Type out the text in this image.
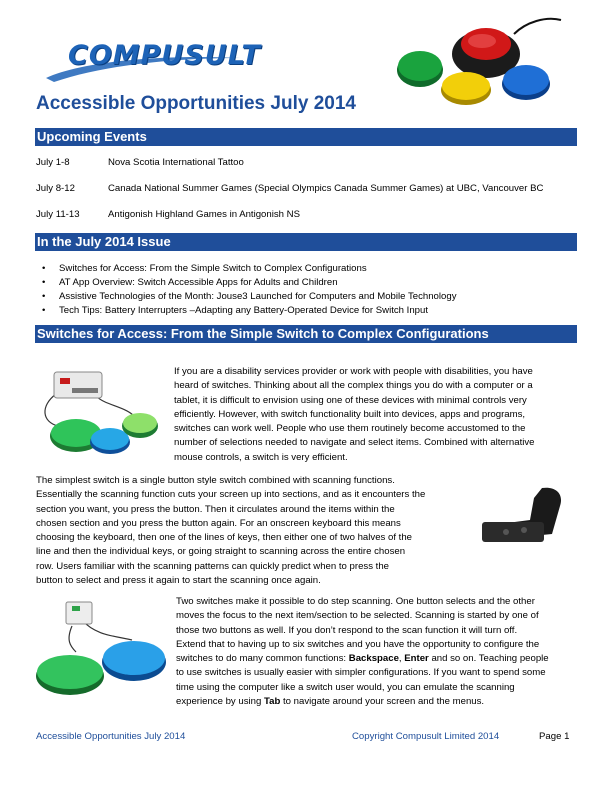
COMPUSULT
Accessible Opportunities July 2014
Upcoming Events
July 1-8	Nova Scotia International Tattoo
July 8-12	Canada National Summer Games (Special Olympics Canada Summer Games) at UBC, Vancouver BC
July 11-13	Antigonish Highland Games in Antigonish NS
In the July 2014 Issue
• Switches for Access: From the Simple Switch to Complex Configurations
• AT App Overview: Switch Accessible Apps for Adults and Children
• Assistive Technologies of the Month: Jouse3 Launched for Computers and Mobile Technology
• Tech Tips: Battery Interrupters –Adapting any Battery-Operated Device for Switch Input
Switches for Access: From the Simple Switch to Complex Configurations
If you are a disability services provider or work with people with disabilities, you have
heard of switches. Thinking about all the complex things you do with a computer or a
tablet, it is difficult to envision using one of these devices with minimal controls very
efficiently. However, with switch functionality built into devices, apps and programs,
switches can work well. People who use them routinely become accustomed to the
number of selections needed to navigate and select items. Combined with alternative
mouse controls, a switch is very efficient.
The simplest switch is a single button style switch combined with scanning functions.
Essentially the scanning function cuts your screen up into sections, and as it encounters the
section you want, you press the button. Then it circulates around the items within the
chosen section and you press the button again. For an onscreen keyboard this means
choosing the keyboard, then one of the lines of keys, then either one of two halves of the
line and then the individual keys, or going straight to scanning across the entire chosen
row. Users familiar with the scanning patterns can quickly predict when to press the
button to select and press it again to start the scanning once again.
Two switches make it possible to do step scanning. One button selects and the other
moves the focus to the next item/section to be selected. Scanning is started by one of
those two buttons as well. If you don’t respond to the scan function it will turn off.
Extend that to having up to six switches and you have the opportunity to configure the
switches to do many common functions: Backspace, Enter and so on. Teaching people
to use switches is usually easier with simpler configurations. If you want to spend some
time using the computer like a switch user would, you can emulate the scanning
experience by using Tab to navigate around your screen and the menus.
Accessible Opportunities July 2014	Copyright Compusult Limited 2014	Page 1
